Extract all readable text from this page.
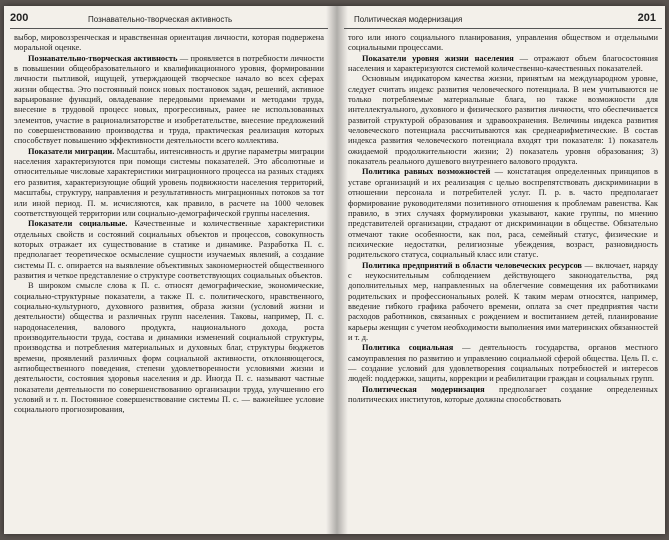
200	Познавательно-творческая активность

выбор, мировоззренческая и нравственная ориентация личности, которая подвержена моральной оценке.

Познавательно-творческая активность — проявляется в потребности личности в повышении общеобразовательного и квалификационного уровня, формировании личности пытливой, ищущей, утверждающей творческое начало во всех сферах жизни общества. Это постоянный поиск новых постановок задач, решений, активное варьирование функций, овладевание передовыми приемами и методами труда, внесение в трудовой процесс новых, прогрессивных, ранее не использованных элементов, участие в рационализаторстве и изобретательстве, внесение предложений по совершенствованию производства и труда, практическая реализация которых способствует повышению эффективности деятельности всего коллектива.

Показатели миграции. Масштабы, интенсивность и другие параметры миграции населения характеризуются при помощи системы показателей. Это абсолютные и относительные числовые характеристики миграционного процесса на разных стадиях его развития, характеризующие общий уровень подвижности населения территорий, масштабы, структуру, направления и результативность миграционных потоков за тот или иной период. П. м. исчисляются, как правило, в расчете на 1000 человек соответствующей территории или социально-демографической группы населения.

Показатели социальные. Качественные и количественные характеристики отдельных свойств и состояний социальных объектов и процессов, совокупность которых отражает их существование в статике и динамике. Разработка П. с. предполагает теоретическое осмысление сущности изучаемых явлений, а создание системы П. с. опирается на выявление объективных закономерностей общественного развития и четкое представление о структуре соответствующих социальных объектов.

В широком смысле слова к П. с. относят демографические, экономические, социально-структурные показатели, а также П. с. политического, нравственного, социально-культурного, духовного развития, образа жизни (условий жизни и деятельности) общества и различных групп населения. Таковы, например, П. с. народонаселения, валового продукта, национального дохода, роста производительности труда, состава и динамики изменений социальной структуры, производства и потребления материальных и духовных благ, структуры бюджетов времени, проявлений различных форм социальной активности, отклоняющегося, антиобщественного поведения, степени удовлетворенности условиями жизни и деятельности, состояния здоровья населения и др. Иногда П. с. называют частные показатели деятельности по совершенствованию организации труда, улучшению его условий и т. п. Постоянное совершенствование системы П. с. — важнейшее условие социального прогнозирования,

Политическая модернизация	201

того или иного социального планирования, управления обществом и отдельными социальными процессами.

Показатели уровня жизни населения — отражают объем благосостояния населения и характеризуются системой количественно-качественных показателей.

Основным индикатором качества жизни, принятым на международном уровне, следует считать индекс развития человеческого потенциала. В нем учитываются не только потребляемые материальные блага, но также возможности для интеллектуального, духовного и физического развития личности, что обеспечивается развитой структурой образования и здравоохранения. Величины индекса развития человеческого потенциала рассчитываются как среднеарифметические. В состав индекса развития человеческого потенциала входят три показателя: 1) показатель ожидаемой продолжительности жизни; 2) показатель уровня образования; 3) показатель реального душевого внутреннего валового продукта.

Политика равных возможностей — констатация определенных принципов в уставе организаций и их реализация с целью воспрепятствовать дискриминации в отношении персонала и потребителей услуг. П. р. в. часто предполагает формирование руководителями позитивного отношения к проблемам равенства. Как правило, в этих случаях формулировки указывают, какие группы, по мнению представителей организации, страдают от дискриминации в обществе. Обязательно отмечают такие особенности, как пол, раса, семейный статус, физические и психические недостатки, религиозные убеждения, возраст, разновидность родительского статуса, социальный класс или статус.

Политика предприятий в области человеческих ресурсов — включает, наряду с неукоснительным соблюдением действующего законодательства, ряд дополнительных мер, направленных на облегчение совмещения их работниками родительских и профессиональных ролей. К таким мерам относятся, например, введение гибкого графика рабочего времени, оплата за счет предприятия части расходов работников, связанных с рождением и воспитанием детей, планирование карьеры женщин с учетом необходимости выполнения ими материнских обязанностей и т. д.

Политика социальная — деятельность государства, органов местного самоуправления по развитию и управлению социальной сферой общества. Цель П. с. — создание условий для удовлетворения социальных потребностей и интересов людей: поддержки, защиты, коррекции и реабилитации граждан и социальных групп.

Политическая модернизация предполагает создание определенных политических институтов, которые должны способствовать
